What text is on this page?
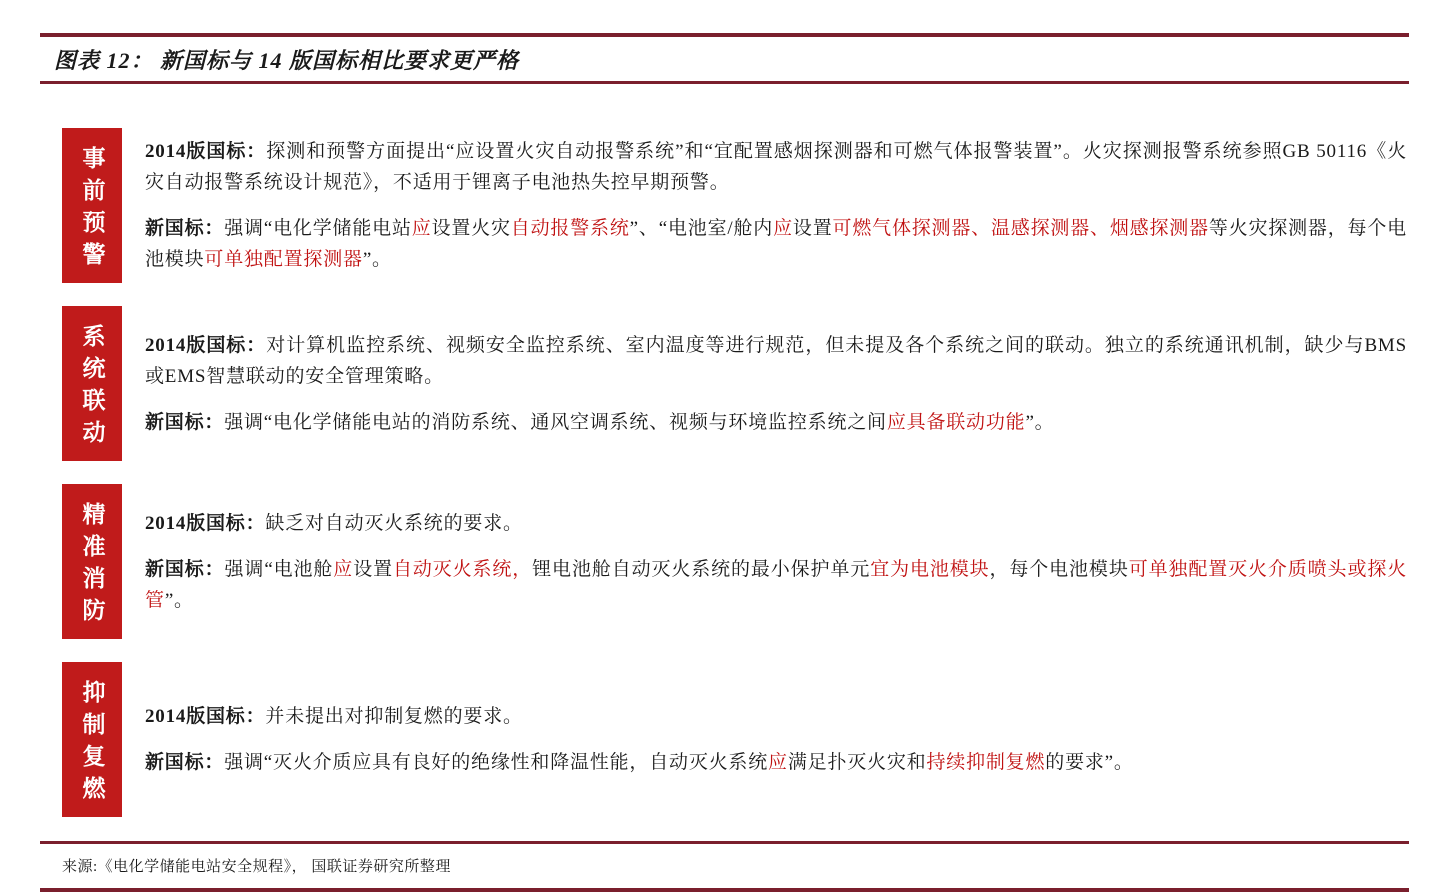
图表 12： 新国标与 14 版国标相比要求更严格
事前预警	2014版国标：探测和预警方面提出“应设置火灾自动报警系统”和“宜配置感烟探测器和可燃气体报警装置”。火灾探测报警系统参照GB 50116《火灾自动报警系统设计规范》，不适用于锂离子电池热失控早期预警。

新国标：强调“电化学储能电站应设置火灾自动报警系统”、“电池室/舱内应设置可燃气体探测器、温感探测器、烟感探测器等火灾探测器，每个电池模块可单独配置探测器”。

系统联动	2014版国标：对计算机监控系统、视频安全监控系统、室内温度等进行规范，但未提及各个系统之间的联动。独立的系统通讯机制，缺少与BMS或EMS智慧联动的安全管理策略。

新国标：强调“电化学储能电站的消防系统、通风空调系统、视频与环境监控系统之间应具备联动功能”。

精准消防	2014版国标：缺乏对自动灭火系统的要求。

新国标：强调“电池舱应设置自动灭火系统，锂电池舱自动灭火系统的最小保护单元宜为电池模块，每个电池模块可单独配置灭火介质喷头或探火管”。

抑制复燃	2014版国标：并未提出对抑制复燃的要求。

新国标：强调“灭火介质应具有良好的绝缘性和降温性能，自动灭火系统应满足扑灭火灾和持续抑制复燃的要求”。

来源:《电化学储能电站安全规程》， 国联证券研究所整理
